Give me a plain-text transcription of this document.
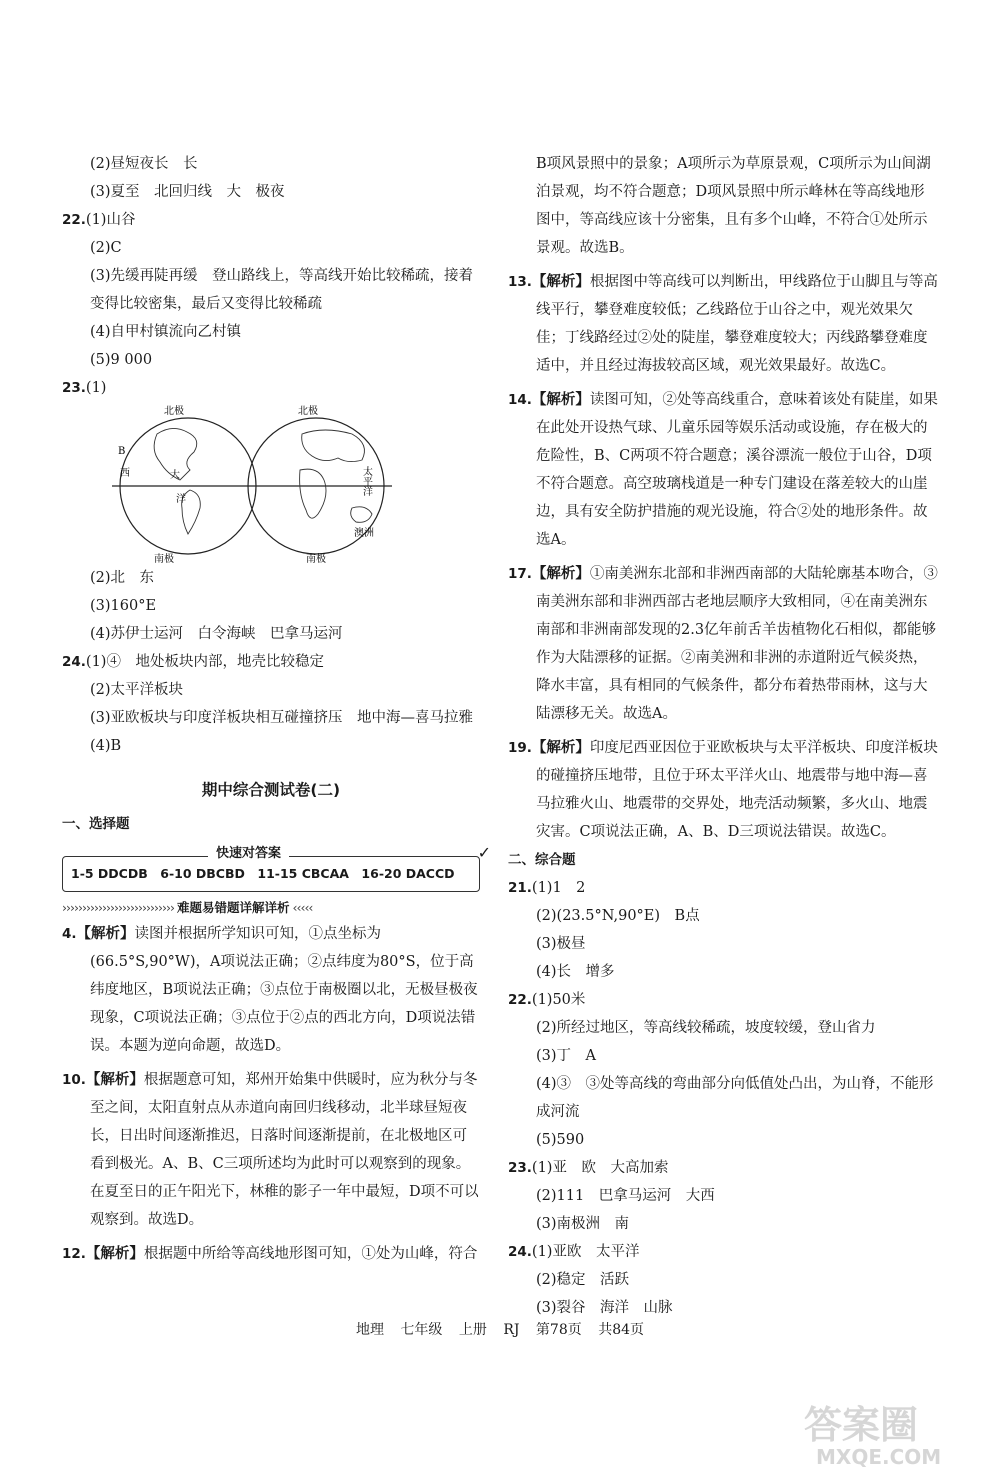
(2)昼短夜长　长

(3)夏至　北回归线　大　极夜

22.(1)山谷

(2)C

(3)先缓再陡再缓　登山路线上，等高线开始比较稀疏，接着变得比较密集，最后又变得比较稀疏

(4)自甲村镇流向乙村镇

(5)9 000

23.(1)

北极	北极
南极	南极
B
西	大
洋
太平洋
澳洲

(2)北　东

(3)160°E

(4)苏伊士运河　白令海峡　巴拿马运河

24.(1)④　地处板块内部，地壳比较稳定

(2)太平洋板块

(3)亚欧板块与印度洋板块相互碰撞挤压　地中海—喜马拉雅

(4)B

期中综合测试卷(二)

一、选择题

快速对答案
1-5 DDCDB　6-10 DBCBD　11-15 CBCAA　16-20 DACCD
✓

›››››››››››››››››››››››››››› 难题易错题详解详析 ‹‹‹‹‹

4.【解析】读图并根据所学知识可知，①点坐标为(66.5°S,90°W)，A项说法正确；②点纬度为80°S，位于高纬度地区，B项说法正确；③点位于南极圈以北，无极昼极夜现象，C项说法正确；③点位于②点的西北方向，D项说法错误。本题为逆向命题，故选D。

10.【解析】根据题意可知，郑州开始集中供暖时，应为秋分与冬至之间，太阳直射点从赤道向南回归线移动，北半球昼短夜长，日出时间逐渐推迟，日落时间逐渐提前，在北极地区可看到极光。A、B、C三项所述均为此时可以观察到的现象。在夏至日的正午阳光下，林稚的影子一年中最短，D项不可以观察到。故选D。

12.【解析】根据题中所给等高线地形图可知，①处为山峰，符合

B项风景照中的景象；A项所示为草原景观，C项所示为山间湖泊景观，均不符合题意；D项风景照中所示峰林在等高线地形图中，等高线应该十分密集，且有多个山峰，不符合①处所示景观。故选B。

13.【解析】根据图中等高线可以判断出，甲线路位于山脚且与等高线平行，攀登难度较低；乙线路位于山谷之中，观光效果欠佳；丁线路经过②处的陡崖，攀登难度较大；丙线路攀登难度适中，并且经过海拔较高区域，观光效果最好。故选C。

14.【解析】读图可知，②处等高线重合，意味着该处有陡崖，如果在此处开设热气球、儿童乐园等娱乐活动或设施，存在极大的危险性，B、C两项不符合题意；溪谷漂流一般位于山谷，D项不符合题意。高空玻璃栈道是一种专门建设在落差较大的山崖边，具有安全防护措施的观光设施，符合②处的地形条件。故选A。

17.【解析】①南美洲东北部和非洲西南部的大陆轮廓基本吻合，③南美洲东部和非洲西部古老地层顺序大致相同，④在南美洲东南部和非洲南部发现的2.3亿年前舌羊齿植物化石相似，都能够作为大陆漂移的证据。②南美洲和非洲的赤道附近气候炎热，降水丰富，具有相同的气候条件，都分布着热带雨林，这与大陆漂移无关。故选A。

19.【解析】印度尼西亚因位于亚欧板块与太平洋板块、印度洋板块的碰撞挤压地带，且位于环太平洋火山、地震带与地中海—喜马拉雅火山、地震带的交界处，地壳活动频繁，多火山、地震灾害。C项说法正确，A、B、D三项说法错误。故选C。

二、综合题

21.(1)1　2

(2)(23.5°N,90°E)　B点

(3)极昼

(4)长　增多

22.(1)50米

(2)所经过地区，等高线较稀疏，坡度较缓，登山省力

(3)丁　A

(4)③　③处等高线的弯曲部分向低值处凸出，为山脊，不能形成河流

(5)590

23.(1)亚　欧　大高加索

(2)111　巴拿马运河　大西

(3)南极洲　南

24.(1)亚欧　太平洋

(2)稳定　活跃

(3)裂谷　海洋　山脉

地理 七年级 上册 RJ 第78页 共84页
答案圈
MXQE.COM
